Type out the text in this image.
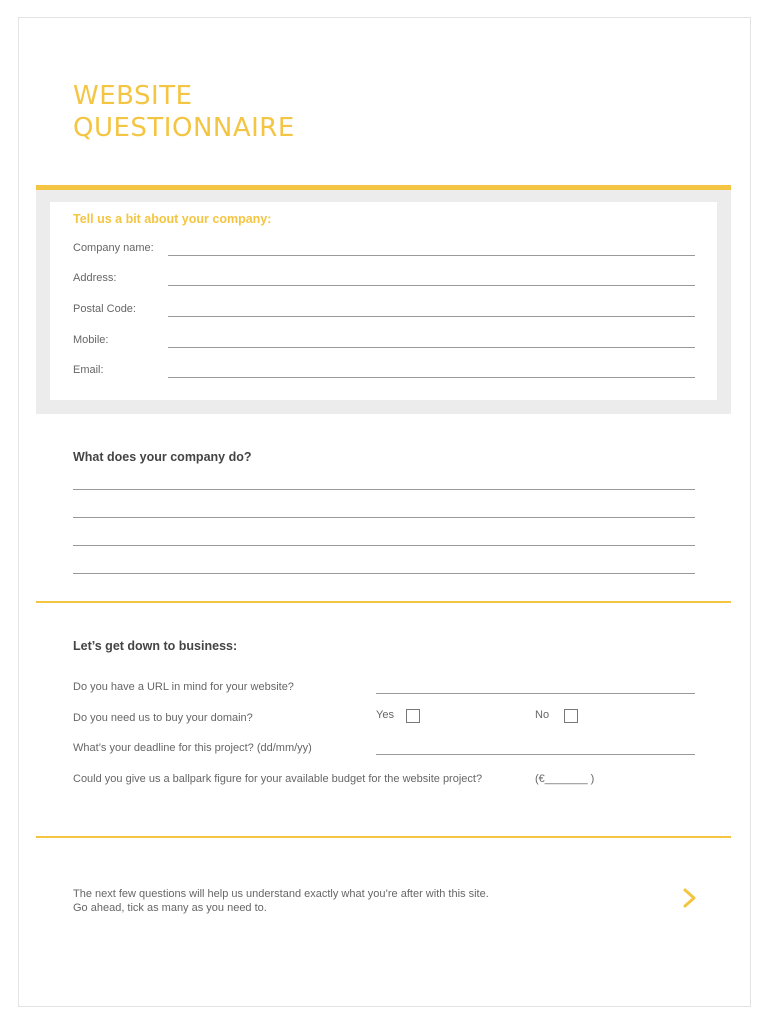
WEBSITE
QUESTIONNAIRE
Tell us a bit about your company:
Company name:
Address:
Postal Code:
Mobile:
Email:
What does your company do?
Let’s get down to business:
Do you have a URL in mind for your website?
Do you need us to buy your domain?	Yes	No
What’s your deadline for this project? (dd/mm/yy)
Could you give us a ballpark figure for your available budget for the website project?	(€_______ )
The next few questions will help us understand exactly what you’re after with this site.
Go ahead, tick as many as you need to.
